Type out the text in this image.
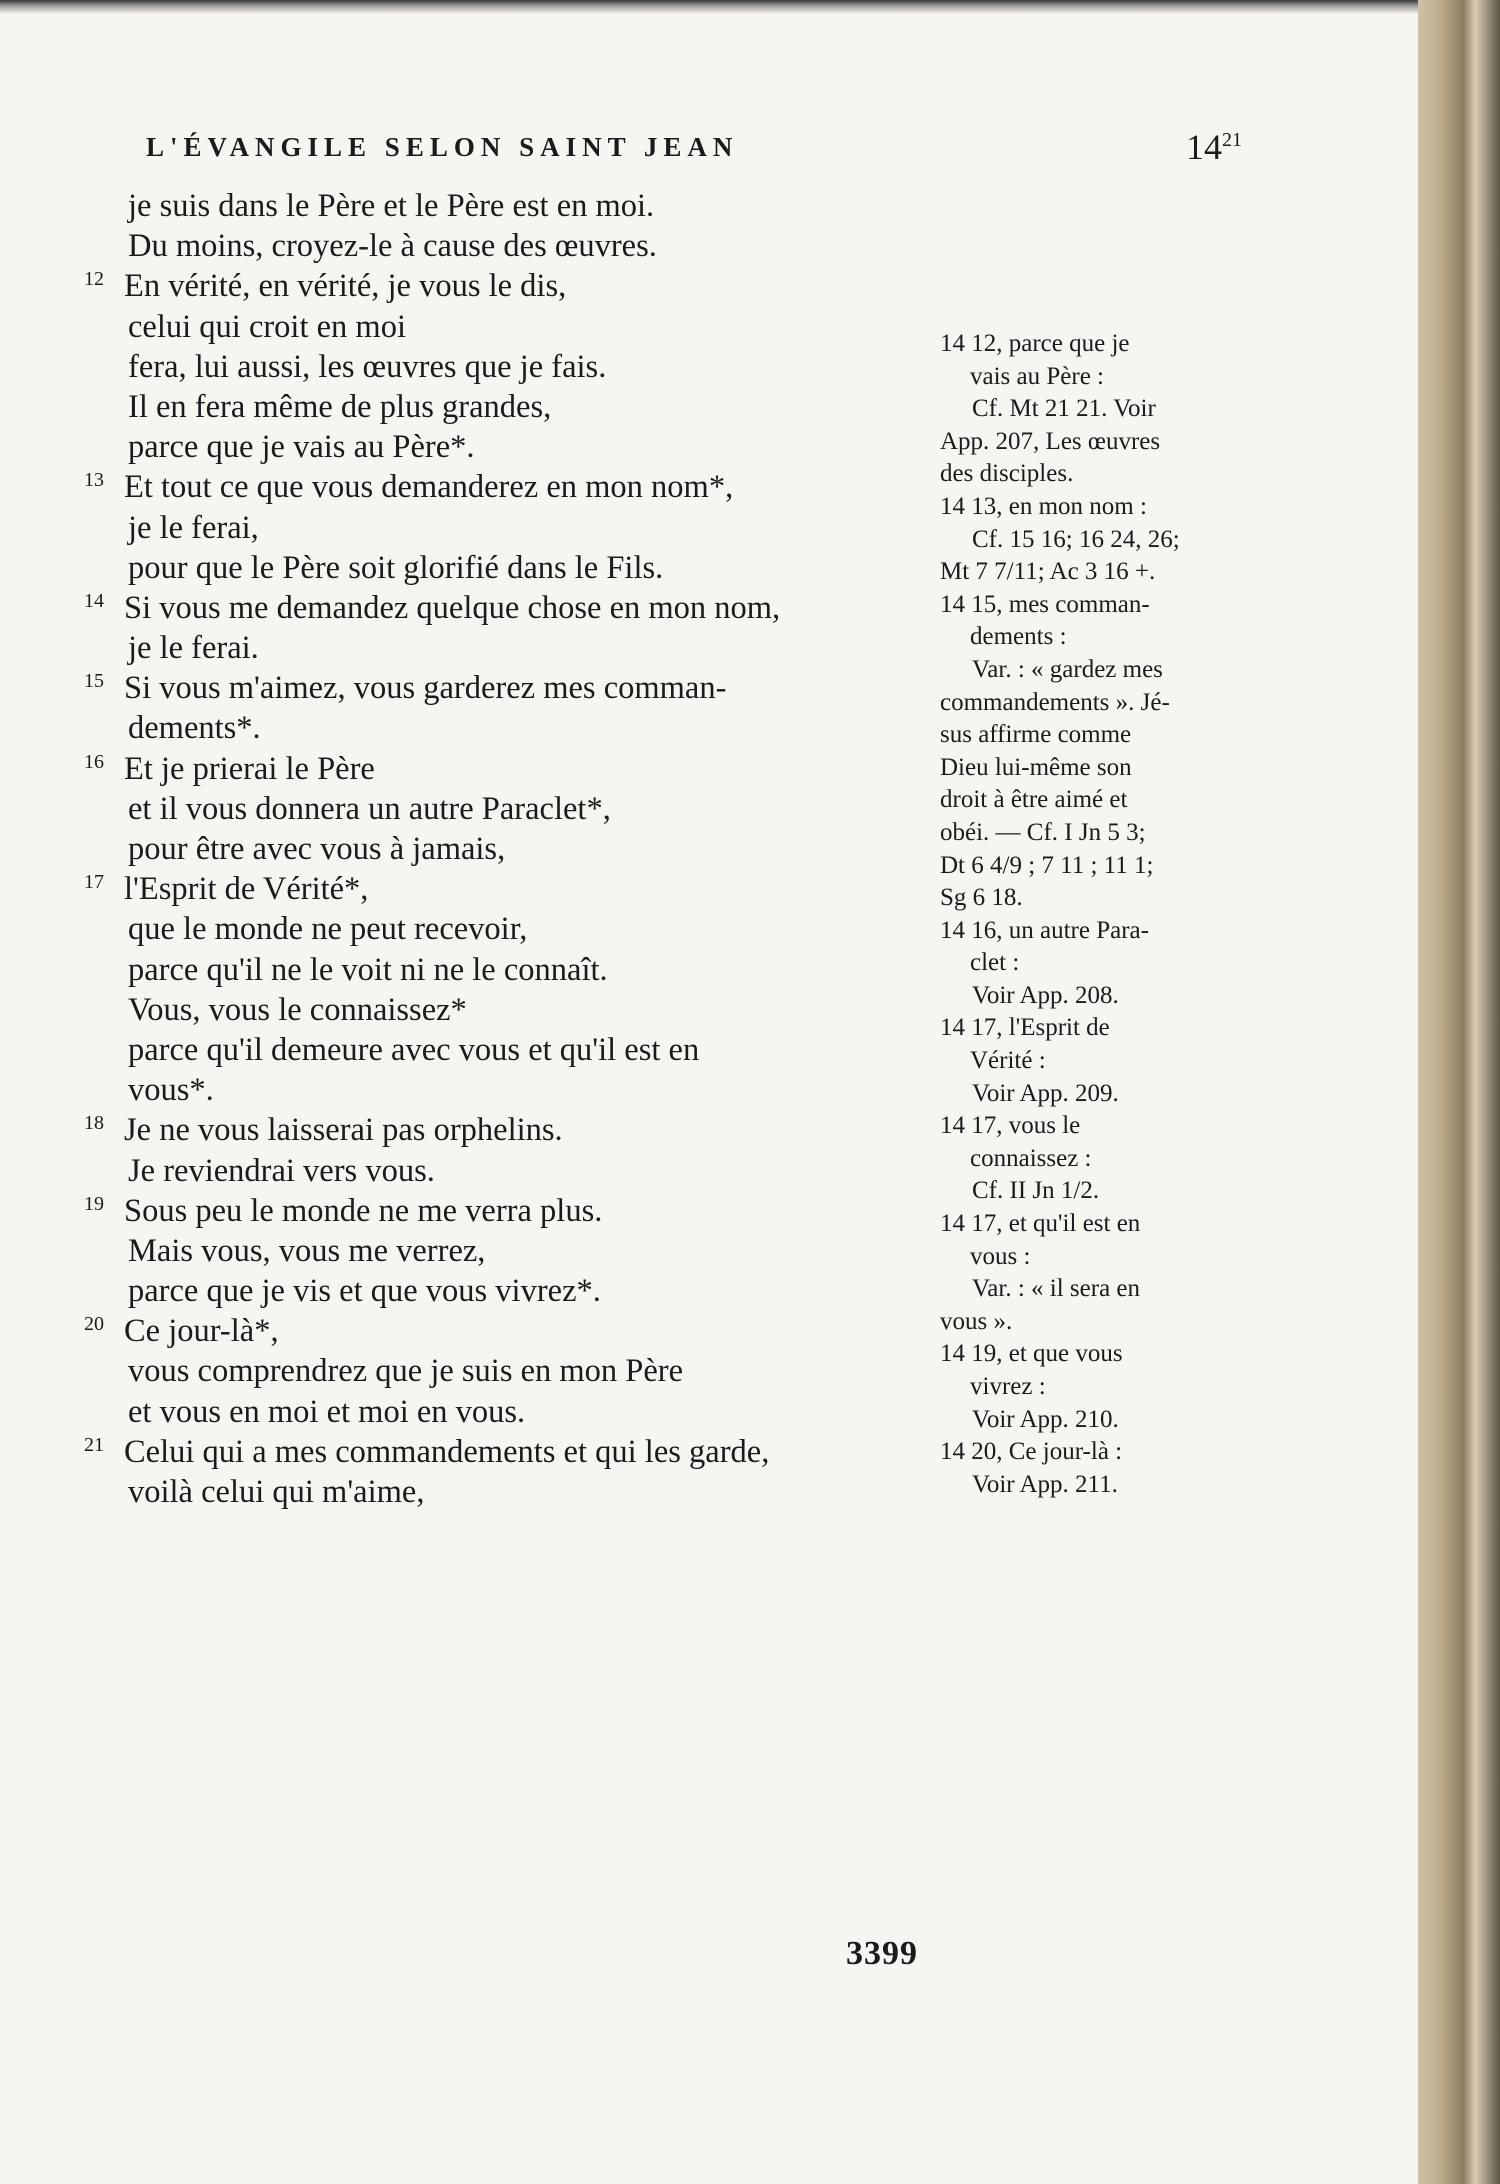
L'ÉVANGILE SELON SAINT JEAN	$14^{21}$
je suis dans le Père et le Père est en moi.
Du moins, croyez-le à cause des œuvres.
12 En vérité, en vérité, je vous le dis,
celui qui croit en moi
fera, lui aussi, les œuvres que je fais.
Il en fera même de plus grandes,
parce que je vais au Père*.
13 Et tout ce que vous demanderez en mon nom*,
je le ferai,
pour que le Père soit glorifié dans le Fils.
14 Si vous me demandez quelque chose en mon nom,
je le ferai.
15 Si vous m'aimez, vous garderez mes comman-
dements*.
16 Et je prierai le Père
et il vous donnera un autre Paraclet*,
pour être avec vous à jamais,
17 l'Esprit de Vérité*,
que le monde ne peut recevoir,
parce qu'il ne le voit ni ne le connaît.
Vous, vous le connaissez*
parce qu'il demeure avec vous et qu'il est en
vous*.
18 Je ne vous laisserai pas orphelins.
Je reviendrai vers vous.
19 Sous peu le monde ne me verra plus.
Mais vous, vous me verrez,
parce que je vis et que vous vivrez*.
20 Ce jour-là*,
vous comprendrez que je suis en mon Père
et vous en moi et moi en vous.
21 Celui qui a mes commandements et qui les garde,
voilà celui qui m'aime,
14 12, parce que je
vais au Père :
Cf. Mt 21 21. Voir
App. 207, Les œuvres
des disciples.
14 13, en mon nom :
Cf. 15 16; 16 24, 26;
Mt 7 7/11; Ac 3 16 +.
14 15, mes comman-
dements :
Var. : « gardez mes
commandements ». Jé-
sus affirme comme
Dieu lui-même son
droit à être aimé et
obéi. — Cf. I Jn 5 3;
Dt 6 4/9 ; 7 11 ; 11 1;
Sg 6 18.
14 16, un autre Para-
clet :
Voir App. 208.
14 17, l'Esprit de
Vérité :
Voir App. 209.
14 17, vous le
connaissez :
Cf. II Jn 1/2.
14 17, et qu'il est en
vous :
Var. : « il sera en
vous ».
14 19, et que vous
vivrez :
Voir App. 210.
14 20, Ce jour-là :
Voir App. 211.
3399
